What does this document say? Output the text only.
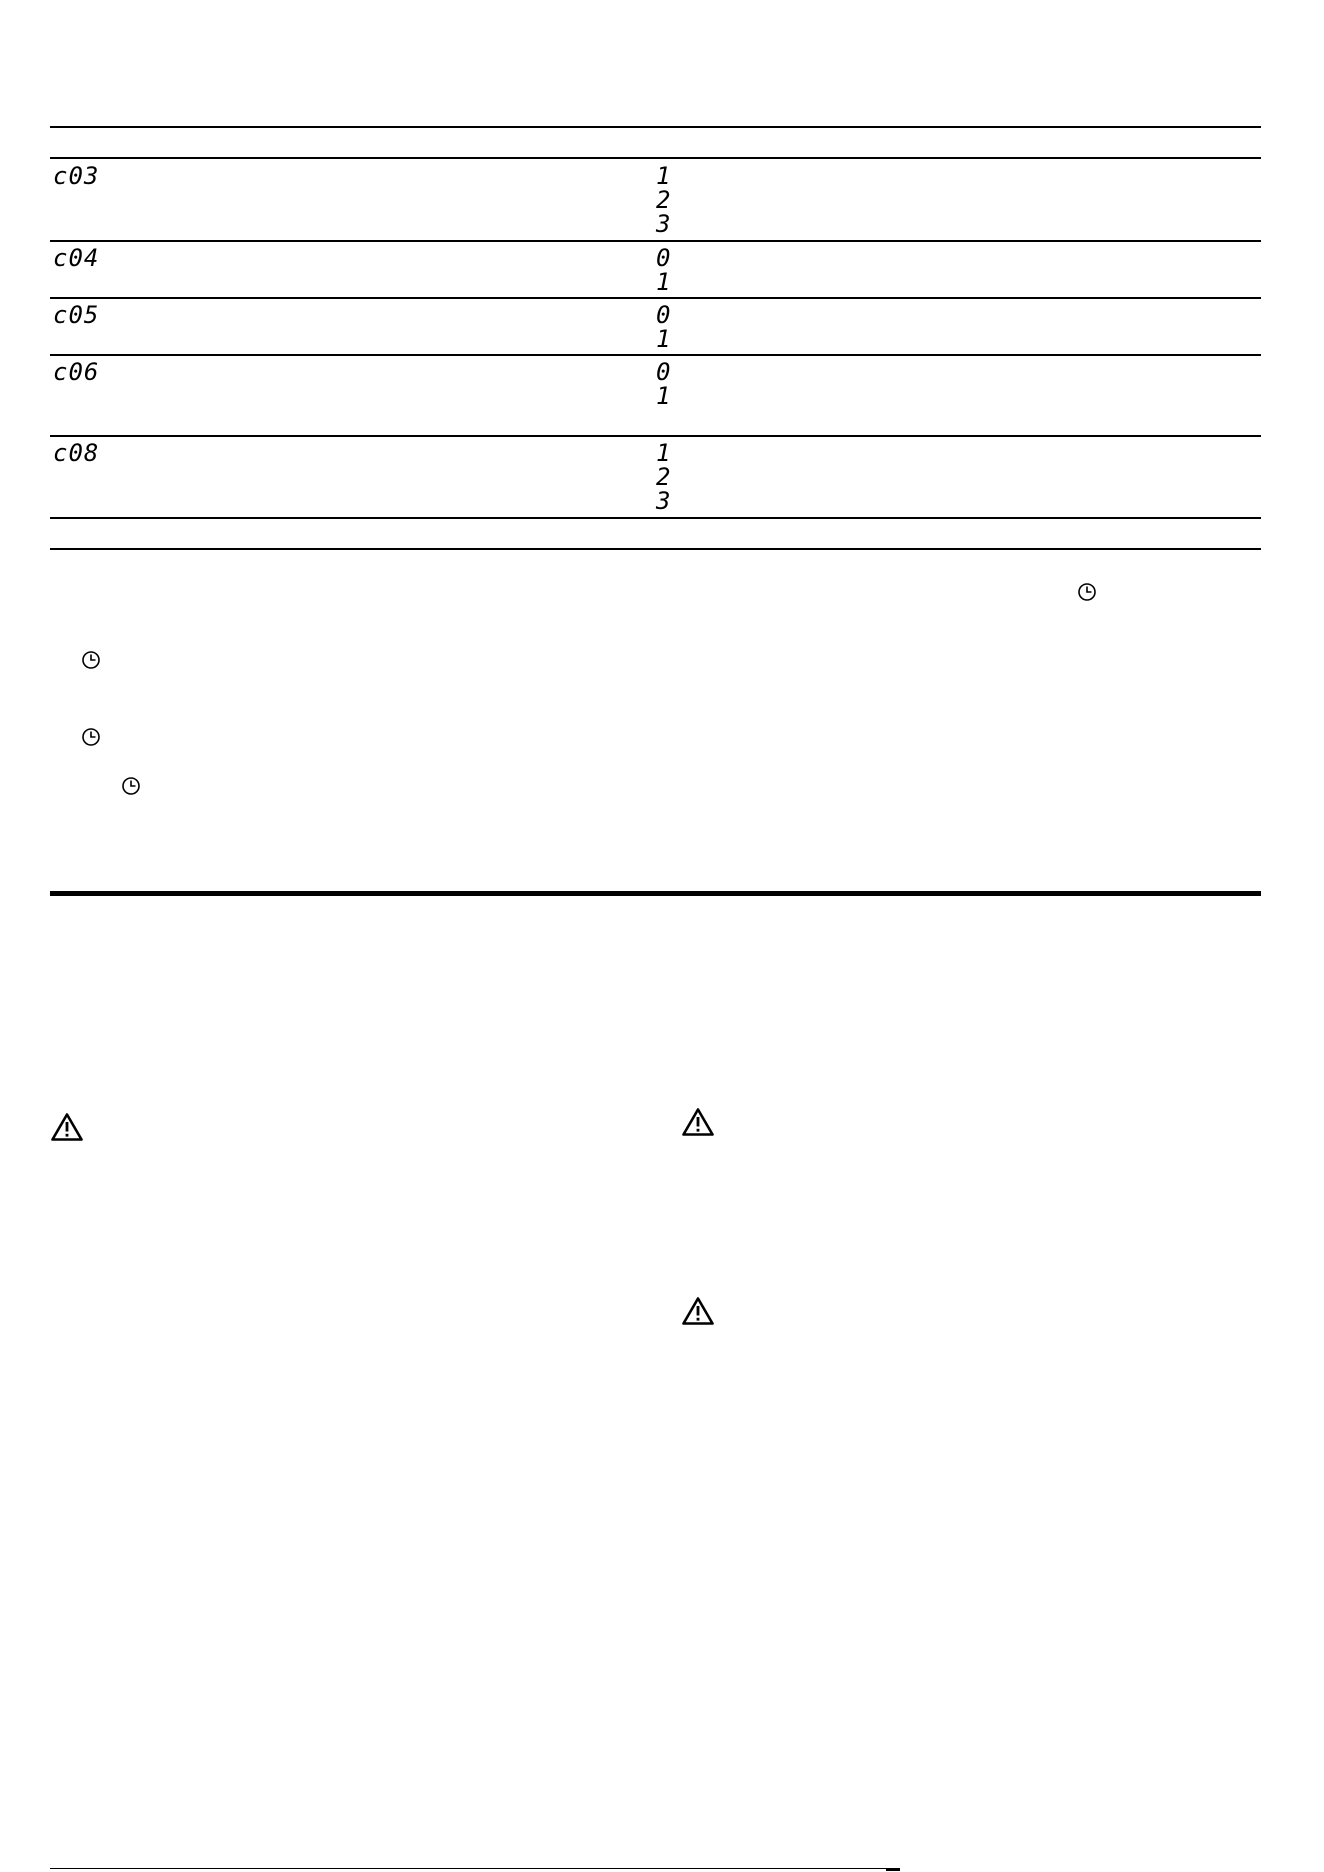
c03	1
2
3
c04	0
1
c05	0
1
c06	0
1
c08	1
2
3
